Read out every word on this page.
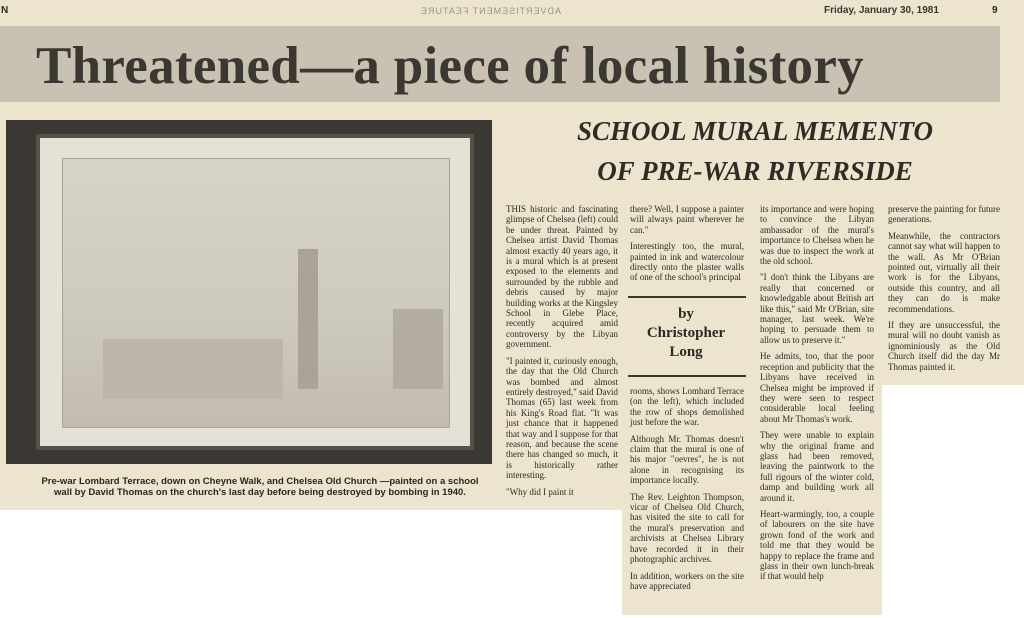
N	ADVERTISEMENT FEATURE	Friday, January 30, 1981	9
Threatened—a piece of local history
Pre-war Lombard Terrace, down on Cheyne Walk, and Chelsea Old Church —painted on a school wall by David Thomas on the church's last day before being destroyed by bombing in 1940.
SCHOOL MURAL MEMENTO
OF PRE-WAR RIVERSIDE

THIS historic and fascinating glimpse of Chelsea (left) could be under threat. Painted by Chelsea artist David Thomas almost exactly 40 years ago, it is a mural which is at present exposed to the elements and surrounded by the rubble and debris caused by major building works at the Kingsley School in Glebe Place, recently acquired amid controversy by the Libyan government.

"I painted it, curiously enough, the day that the Old Church was bombed and almost entirely destroyed," said David Thomas (65) last week from his King's Road flat. "It was just chance that it happened that way and I suppose for that reason, and because the scene there has changed so much, it is historically rather interesting.

"Why did I paint it

there? Well, I suppose a painter will always paint wherever he can."

Interestingly too, the mural, painted in ink and watercolour directly onto the plaster walls of one of the school's principal

by
Christopher
Long

rooms, shows Lombard Terrace (on the left), which included the row of shops demolished just before the war.

Although Mr. Thomas doesn't claim that the mural is one of his major "oevres", he is not alone in recognising its importance locally.

The Rev. Leighton Thompson, vicar of Chelsea Old Church, has visited the site to call for the mural's preservation and archivists at Chelsea Library have recorded it in their photographic archives.

In addition, workers on the site have appreciated

its importance and were hoping to convince the Libyan ambassador of the mural's importance to Chelsea when he was due to inspect the work at the old school.

"I don't think the Libyans are really that concerned or knowledgable about British art like this," said Mr O'Brian, site manager, last week. We're hoping to persuade them to allow us to preserve it."

He admits, too, that the poor reception and publicity that the Libyans have received in Chelsea might be improved if they were seen to respect considerable local feeling about Mr Thomas's work.

They were unable to explain why the original frame and glass had been removed, leaving the paintwork to the full rigours of the winter cold, damp and building work all around it.

Heart-warmingly, too, a couple of labourers on the site have grown fond of the work and told me that they would be happy to replace the frame and glass in their own lunch-break if that would help

preserve the painting for future generations.

Meanwhile, the contractors cannot say what will happen to the wall. As Mr O'Brian pointed out, virtually all their work is for the Libyans, outside this country, and all they can do is make recommendations.

If they are unsuccessful, the mural will no doubt vanish as ignominiously as the Old Church itself did the day Mr Thomas painted it.
